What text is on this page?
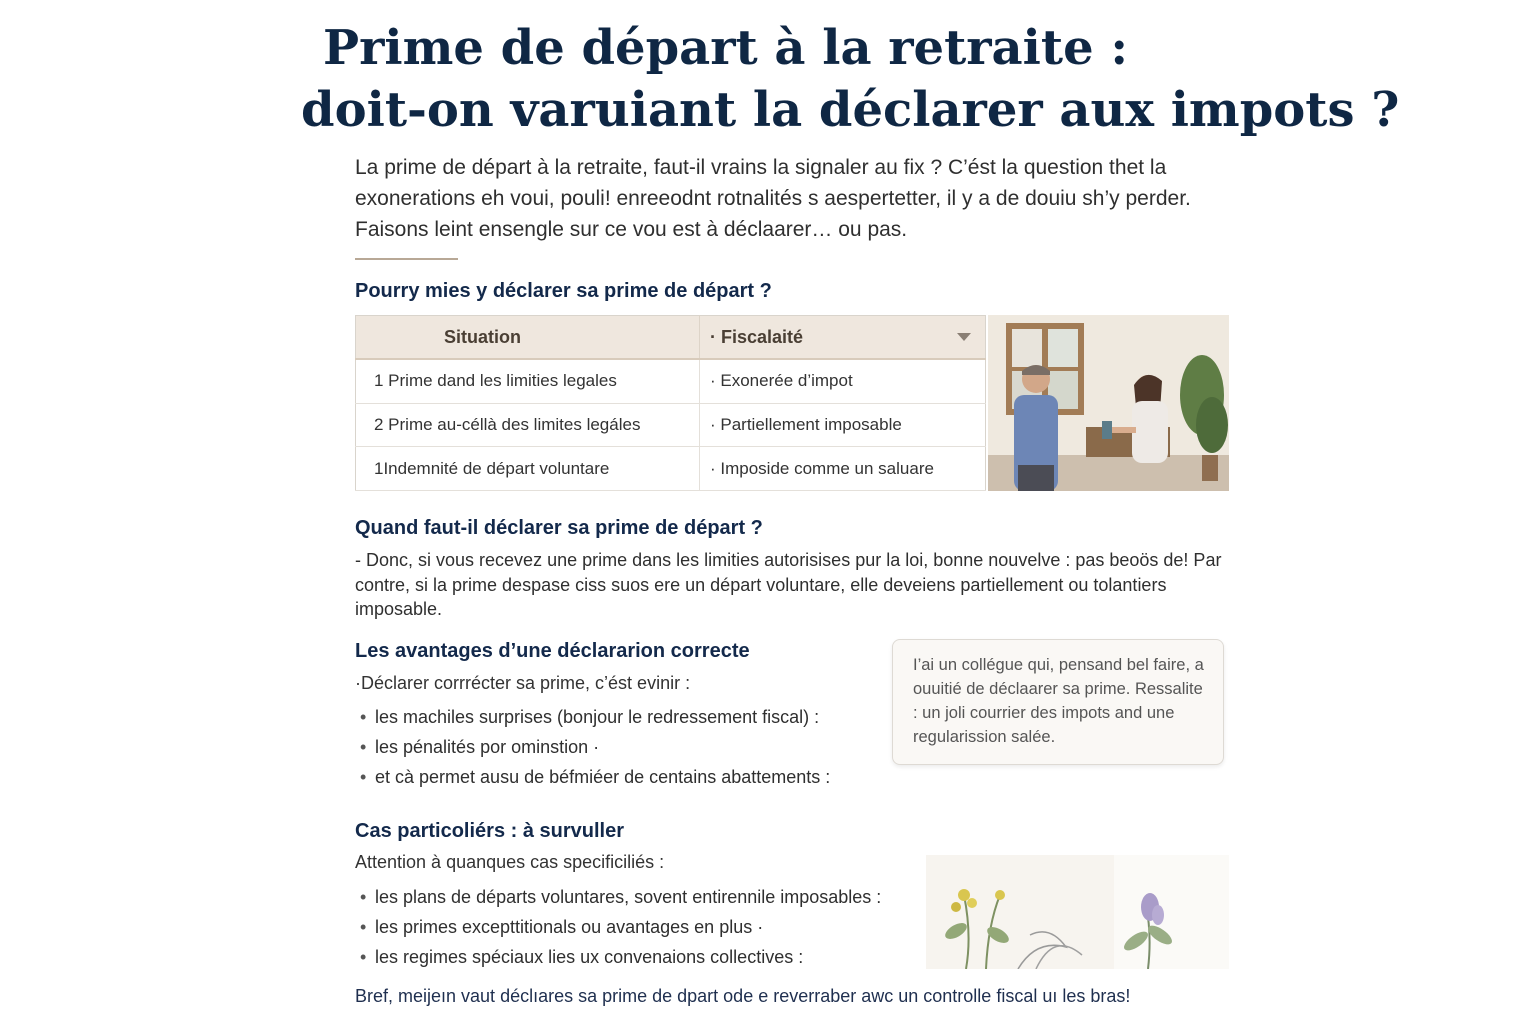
Prime de départ à la retraite :
doit-on varuiant la déclarer aux impots ?

La prime de départ à la retraite, faut-il vrains la signaler au fix ? C’ést la question thet la exonerations eh voui, pouli! enreeodnt rotnalités s aespertetter, il y a de douiu sh’y perder. Faisons leint ensengle sur ce vou est à déclaarer… ou pas.

Pourry mies y déclarer sa prime de départ ?
Situation	· Fiscalaité

1 Prime dand les limities legales	· Exonerée d’impot
2 Prime au-céllà des limites legáles	· Partiellement imposable
1Indemnité de départ voluntare	· Imposide comme un saluare
Quand faut-il déclarer sa prime de départ ?

- Donc, si vous recevez une prime dans les limities autorisises pur la loi, bonne nouvelve : pas beoös de! Par contre, si la prime despase ciss suos ere un départ voluntare, elle deveiens partiellement ou tolantiers imposable.

Les avantages d’une déclararion correcte

·Déclarer corrrécter sa prime, c’ést evinir :

• les machiles surprises (bonjour le redressement fiscal) :
• les pénalités por ominstion ·
• et cà permet ausu de béfmiéer de centains abattements :
I’ai un collégue qui, pensand bel faire, a ouuitié de déclaarer sa prime. Ressalite : un joli courrier des impots and une regularission salée.
Cas particoliérs : à survuller

Attention à quanques cas specificiliés :

• les plans de départs voluntares, sovent entirennile imposables :
• les primes excepttitionals ou avantages en plus ·
• les regimes spéciaux lies ux convenaions collectives :

Bref, meijeın vaut déclıares sa prime de dpart ode e reverraber awc un controlle fiscal uı les bras!
